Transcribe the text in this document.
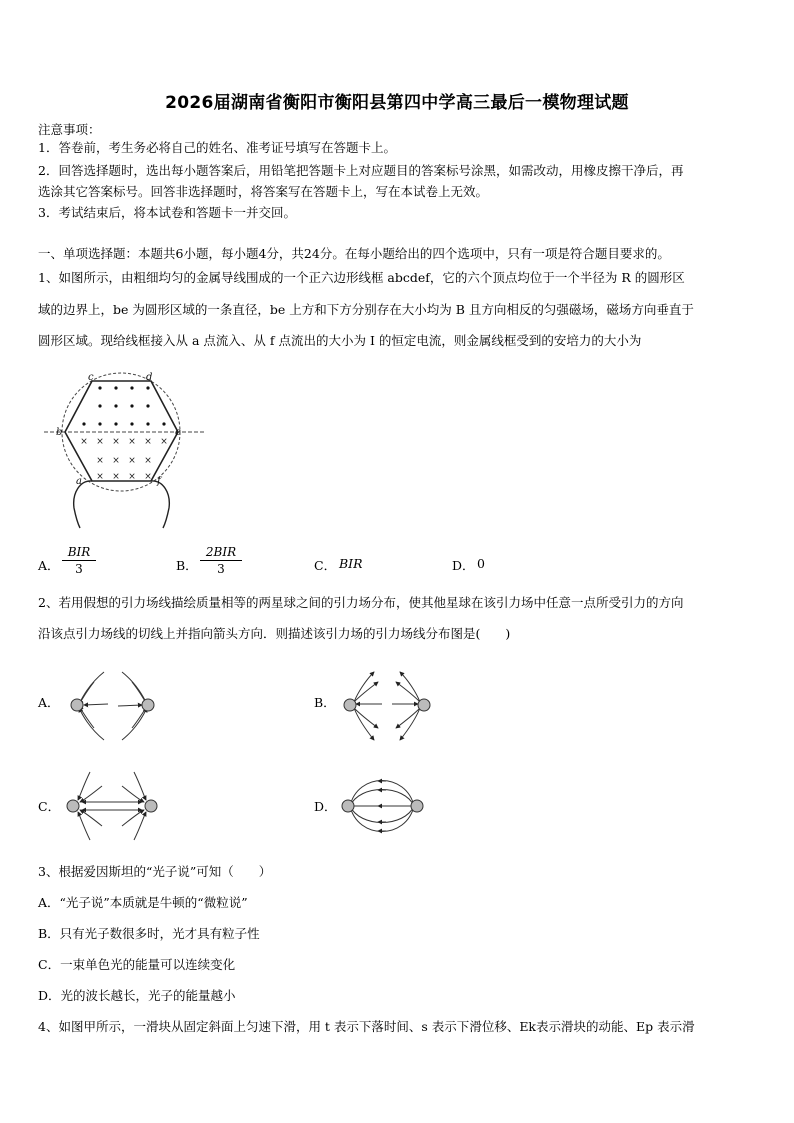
2026届湖南省衡阳市衡阳县第四中学高三最后一模物理试题
注意事项：
1．答卷前，考生务必将自己的姓名、准考证号填写在答题卡上。
2．回答选择题时，选出每小题答案后，用铅笔把答题卡上对应题目的答案标号涂黑，如需改动，用橡皮擦干净后，再
选涂其它答案标号。回答非选择题时，将答案写在答题卡上，写在本试卷上无效。
3．考试结束后，将本试卷和答题卡一并交回。
一、单项选择题：本题共6小题，每小题4分，共24分。在每小题给出的四个选项中，只有一项是符合题目要求的。
1、如图所示，由粗细均匀的金属导线围成的一个正六边形线框 abcdef，它的六个顶点均位于一个半径为 R 的圆形区
域的边界上，be 为圆形区域的一条直径，be 上方和下方分别存在大小均为 B 且方向相反的匀强磁场，磁场方向垂直于
圆形区域。现给线框接入从 a 点流入、从 f 点流出的大小为 I 的恒定电流，则金属线框受到的安培力的大小为
× × × × × ×
× × × ×
× × × ×
c	d
b	e
a	f
A．
BIR
3	B．
2BIR
3	C． BIR	D． 0
2、若用假想的引力场线描绘质量相等的两星球之间的引力场分布，使其他星球在该引力场中任意一点所受引力的方向
沿该点引力场线的切线上并指向箭头方向．则描述该引力场的引力场线分布图是(　　)
A．	B．
C．	D．
3、根据爱因斯坦的“光子说”可知（　　）
A．“光子说”本质就是牛顿的“微粒说”
B．只有光子数很多时，光才具有粒子性
C．一束单色光的能量可以连续变化
D．光的波长越长，光子的能量越小
4、如图甲所示，一滑块从固定斜面上匀速下滑，用 t 表示下落时间、s 表示下滑位移、Ek表示滑块的动能、Ep 表示滑
